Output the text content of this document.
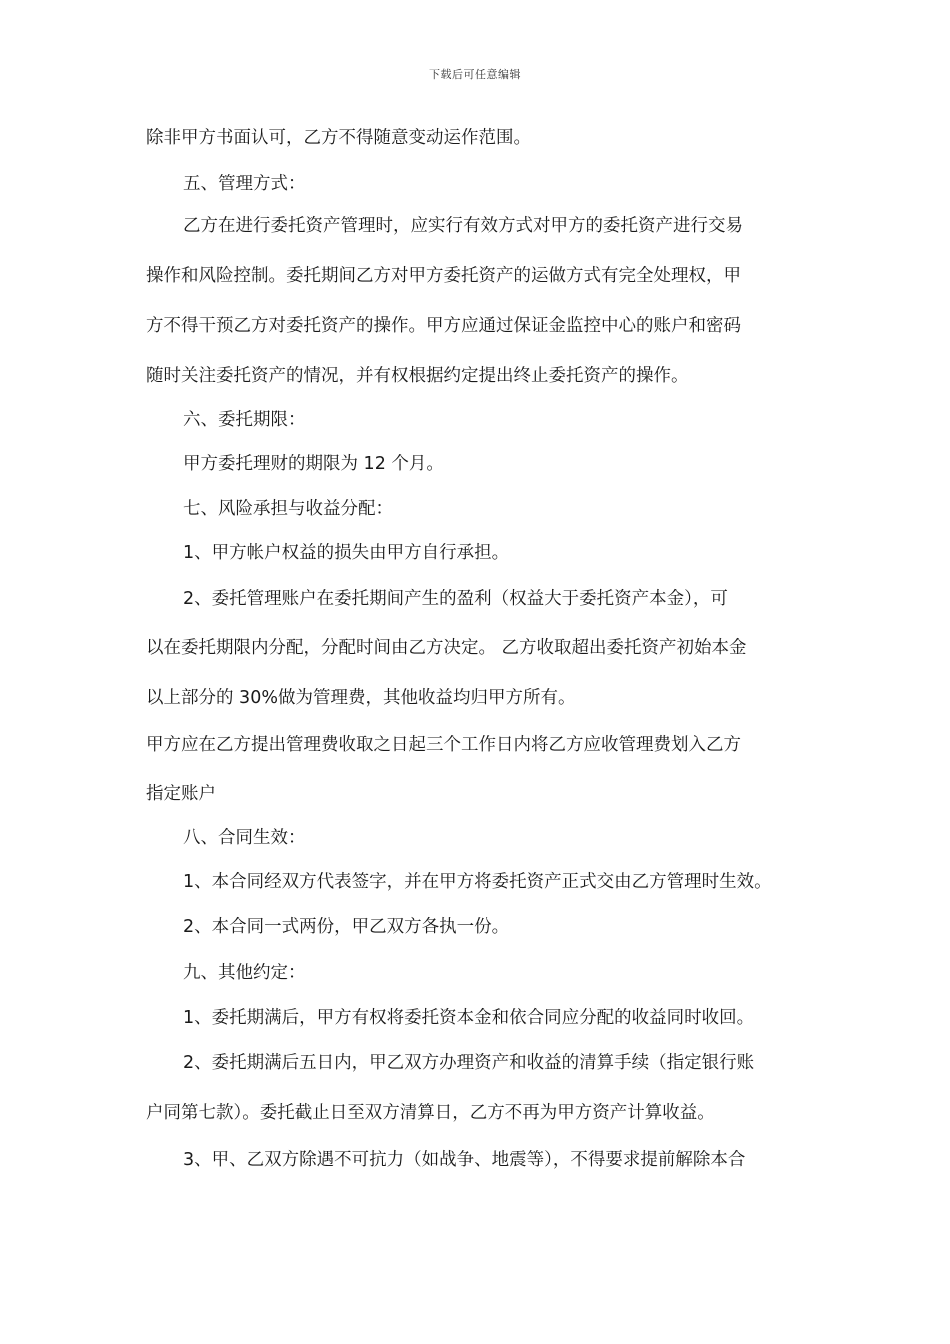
下载后可任意编辑
除非甲方书面认可，乙方不得随意变动运作范围。
五、管理方式：
乙方在进行委托资产管理时，应实行有效方式对甲方的委托资产进行交易
操作和风险控制。委托期间乙方对甲方委托资产的运做方式有完全处理权，甲
方不得干预乙方对委托资产的操作。甲方应通过保证金监控中心的账户和密码
随时关注委托资产的情况，并有权根据约定提出终止委托资产的操作。
六、委托期限：
甲方委托理财的期限为 12 个月。
七、风险承担与收益分配：
1、甲方帐户权益的损失由甲方自行承担。
2、委托管理账户在委托期间产生的盈利（权益大于委托资产本金），可
以在委托期限内分配，分配时间由乙方决定。 乙方收取超出委托资产初始本金
以上部分的 30%做为管理费，其他收益均归甲方所有。
甲方应在乙方提出管理费收取之日起三个工作日内将乙方应收管理费划入乙方
指定账户
八、合同生效：
1、本合同经双方代表签字，并在甲方将委托资产正式交由乙方管理时生效。
2、本合同一式两份，甲乙双方各执一份。
九、其他约定：
1、委托期满后，甲方有权将委托资本金和依合同应分配的收益同时收回。
2、委托期满后五日内，甲乙双方办理资产和收益的清算手续（指定银行账
户同第七款）。委托截止日至双方清算日，乙方不再为甲方资产计算收益。
3、甲、乙双方除遇不可抗力（如战争、地震等），不得要求提前解除本合
